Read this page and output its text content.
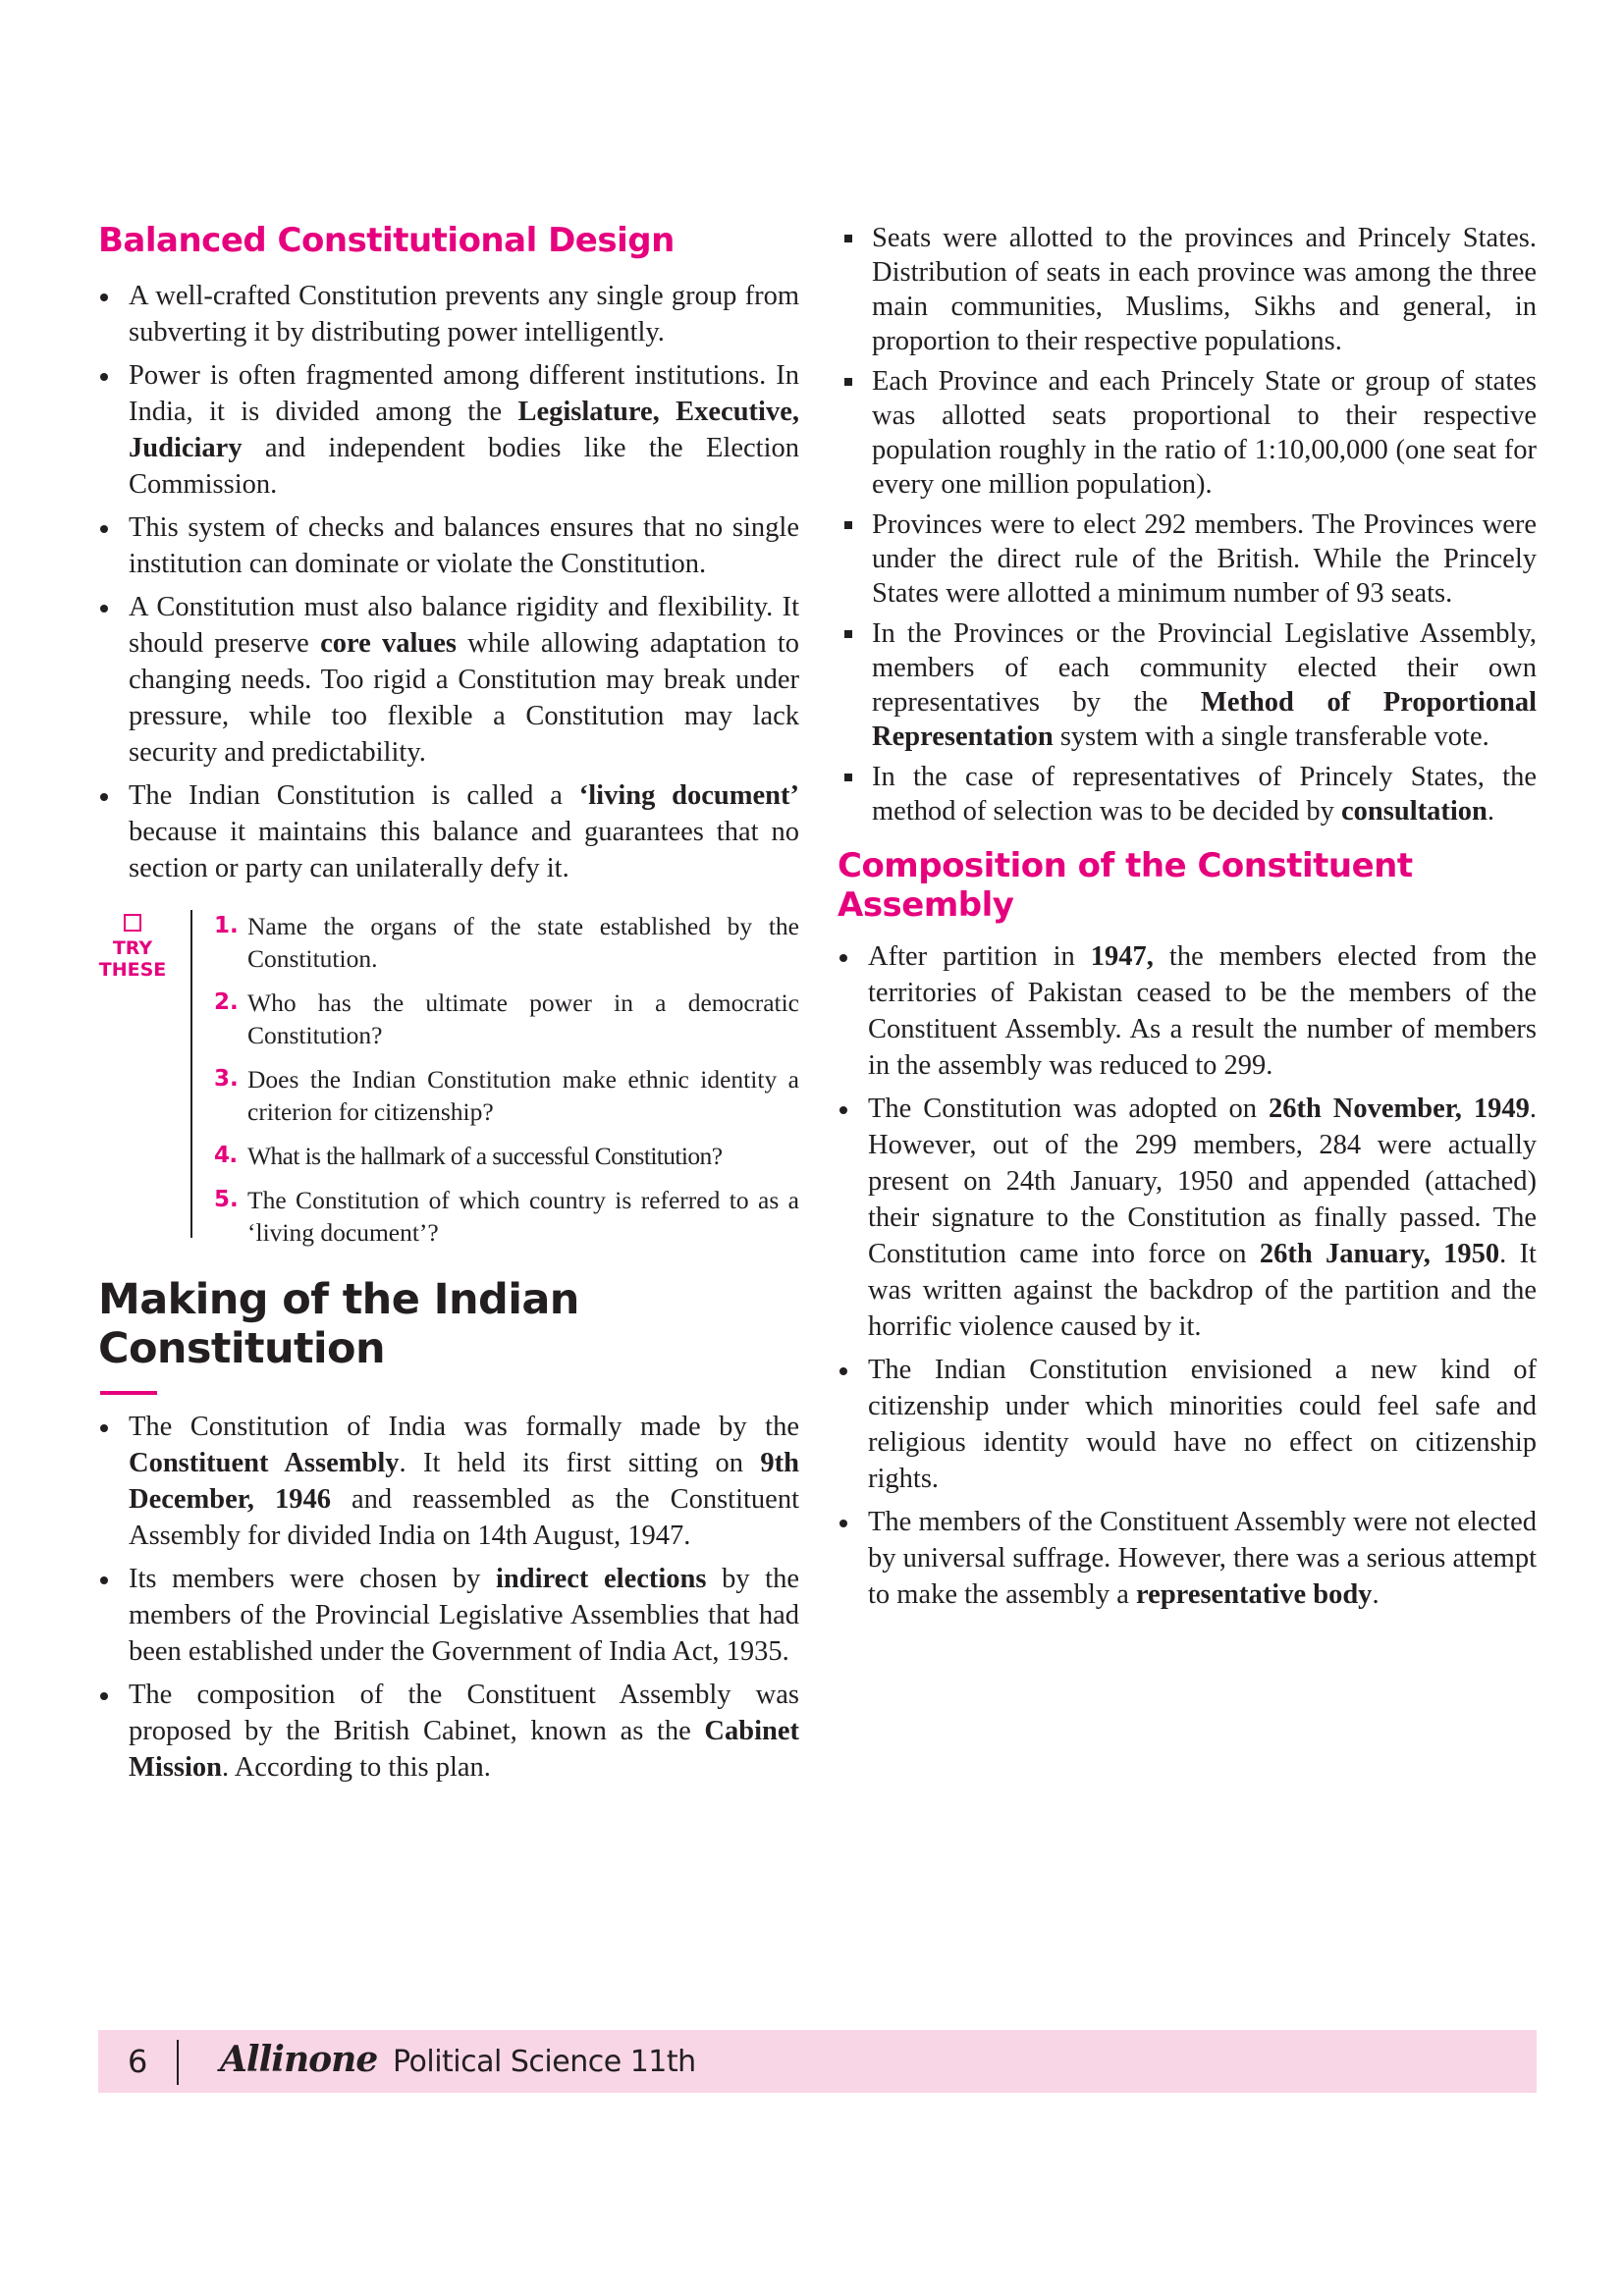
Balanced Constitutional Design
A well-crafted Constitution prevents any single group from subverting it by distributing power intelligently.
Power is often fragmented among different institutions. In India, it is divided among the Legislature, Executive, Judiciary and independent bodies like the Election Commission.
This system of checks and balances ensures that no single institution can dominate or violate the Constitution.
A Constitution must also balance rigidity and flexibility. It should preserve core values while allowing adaptation to changing needs. Too rigid a Constitution may break under pressure, while too flexible a Constitution may lack security and predictability.
The Indian Constitution is called a ‘living document’ because it maintains this balance and guarantees that no section or party can unilaterally defy it.
TRY
THESE
1. Name the organs of the state established by the Constitution.
2. Who has the ultimate power in a democratic Constitution?
3. Does the Indian Constitution make ethnic identity a criterion for citizenship?
4. What is the hallmark of a successful Constitution?
5. The Constitution of which country is referred to as a ‘living document’?
Making of the Indian Constitution
The Constitution of India was formally made by the Constituent Assembly. It held its first sitting on 9th December, 1946 and reassembled as the Constituent Assembly for divided India on 14th August, 1947.
Its members were chosen by indirect elections by the members of the Provincial Legislative Assemblies that had been established under the Government of India Act, 1935.
The composition of the Constituent Assembly was proposed by the British Cabinet, known as the Cabinet Mission. According to this plan.
Seats were allotted to the provinces and Princely States. Distribution of seats in each province was among the three main communities, Muslims, Sikhs and general, in proportion to their respective populations.
Each Province and each Princely State or group of states was allotted seats proportional to their respective population roughly in the ratio of 1:10,00,000 (one seat for every one million population).
Provinces were to elect 292 members. The Provinces were under the direct rule of the British. While the Princely States were allotted a minimum number of 93 seats.
In the Provinces or the Provincial Legislative Assembly, members of each community elected their own representatives by the Method of Proportional Representation system with a single transferable vote.
In the case of representatives of Princely States, the method of selection was to be decided by consultation.
Composition of the Constituent
Assembly
After partition in 1947, the members elected from the territories of Pakistan ceased to be the members of the Constituent Assembly. As a result the number of members in the assembly was reduced to 299.
The Constitution was adopted on 26th November, 1949. However, out of the 299 members, 284 were actually present on 24th January, 1950 and appended (attached) their signature to the Constitution as finally passed. The Constitution came into force on 26th January, 1950. It was written against the backdrop of the partition and the horrific violence caused by it.
The Indian Constitution envisioned a new kind of citizenship under which minorities could feel safe and religious identity would have no effect on citizenship rights.
The members of the Constituent Assembly were not elected by universal suffrage. However, there was a serious attempt to make the assembly a representative body.
6 Allinone Political Science 11th
